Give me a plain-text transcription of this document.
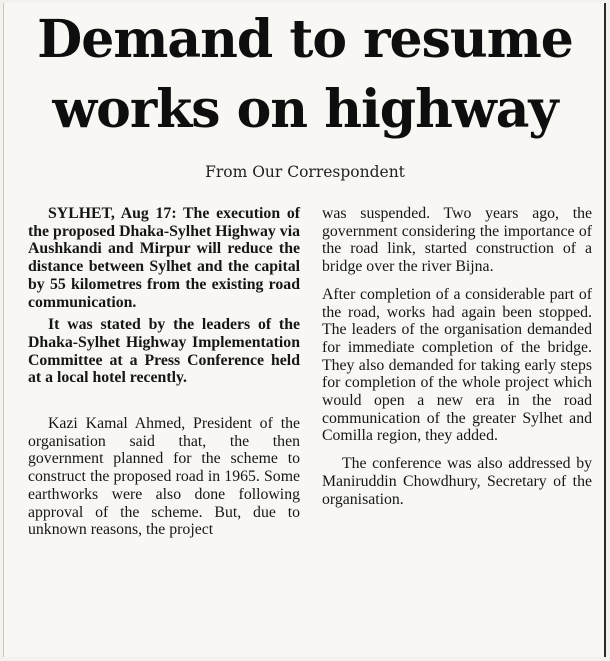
Demand to resume
works on highway
From Our Correspondent

SYLHET, Aug 17: The execution of the proposed Dhaka-Sylhet Highway via Aushkandi and Mirpur will reduce the distance between Sylhet and the capital by 55 kilometres from the existing road communication.

It was stated by the leaders of the Dhaka-Sylhet Highway Implementation Committee at a Press Conference held at a local hotel recently.

Kazi Kamal Ahmed, President of the organisation said that, the then government planned for the scheme to construct the proposed road in 1965. Some earthworks were also done following approval of the scheme. But, due to unknown reasons, the project

was suspended. Two years ago, the government considering the importance of the road link, started construction of a bridge over the river Bijna.

After completion of a considerable part of the road, works had again been stopped. The leaders of the organisation demanded for immediate completion of the bridge. They also demanded for taking early steps for completion of the whole project which would open a new era in the road communication of the greater Sylhet and Comilla region, they added.

The conference was also addressed by Maniruddin Chowdhury, Secretary of the organisation.
